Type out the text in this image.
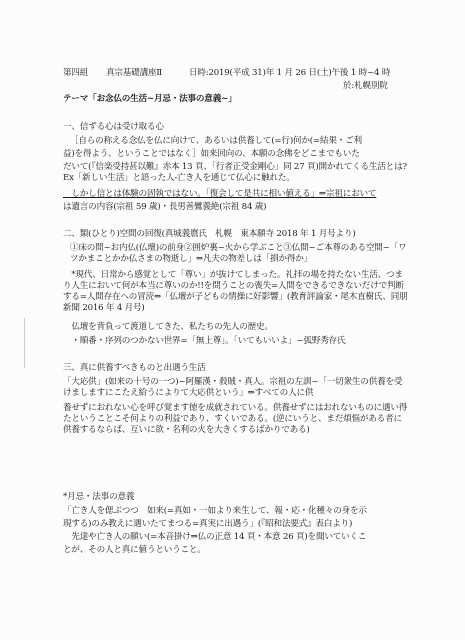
第四組 真宗基礎講座Ⅱ	日時:2019(平成 31)年 1 月 26 日(土)午後 1 時~4 時
於:札幌別院
テーマ「お念仏の生活~月忌・法事の意義~」
一、信ずる心は受け取る心
［自らの称える念仏を仏に向けて、あるいは供養して(=行)何か(=結果・ご利
益)を得よう、ということではなく］如来回向の、本願の念佛をどこまでもいた
だいて(『信楽受持甚以難』赤本 13 頁、「行者正受金剛心」同 27 頁)開かれてくる生活とは?　Ex「新しい生活」と語った人-亡き人を通じて仏心に触れた。
　しかし信とは体験の固執ではない。「復会して是共に相い値える」⇒宗祖において
は遺言の内容(宗祖 59 歳)・長男善鸞義絶(宗祖 84 歳)
二、類(ひとり)空間の回復(真城義麿氏　札幌　東本願寺 2018 年 1 月号より)
①床の間~お内仏(仏壇)の前身②囲炉裏~火から学ぶこと③仏間~ご本尊のある空間~「ワツかまことかか仏さまの物逝し」⇔凡夫の物差しは「損か得か」
　*現代、日常から感覚として「尊い」が抜けてしまった。礼拝の場を持たない生活、つまり人生において何が本当に尊いのか!!を問うことの喪失=人間をできるできないだけで判断する=人間存在への冒涜⇔「仏壇が子どもの情操に好影響」(教育評論家・尾木直樹氏、同朋新聞 2016 年 4 月号)
　仏壇を背負って渡道してきた、私たちの先人の歴史。
　・順番・序列のつかない世界=「無上尊」。「いてもいいよ」~弧野秀存氏
三、真に供養すべきものと出遇う生活
「大応供」(如来の十号の一つ)~阿羅漢・殺賊・真人。宗祖の左訓~「一切衆生の供養を受けましますにこたえ給うによりて大応供という」⇒すべての人に供
養せずにおれない心を呼び覚ます徳を成就されている。供養せずにはおれないものに遇い得たということこそ何よりの利益であり、すくいである。(逆にいうと、まだ煩悩がある者に供養するならば、互いに欲・名利の火を大きくするばかりである)
*月忌・法事の意義
「亡き人を偲ぶつつ　如来(=真如・一如より来生して、報・応・化種々の身を示
現する)のみ教えに遇いたてまつる=真実に出遇う」(『昭和法要式』表白より)
　先達や亡き人の願い(=本音掛け⇒仏の正意 14 頁・本意 26 頁)を聞いていくこ
とが、その人と真に値うということ。
